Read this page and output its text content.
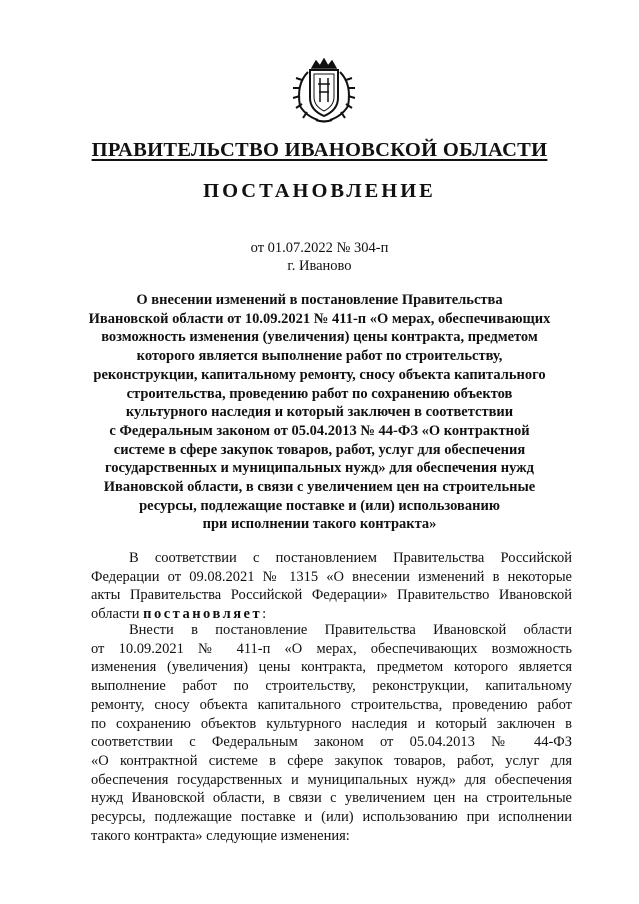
ПРАВИТЕЛЬСТВО ИВАНОВСКОЙ ОБЛАСТИ
ПОСТАНОВЛЕНИЕ
от 01.07.2022 № 304-п
г. Иваново
О внесении изменений в постановление Правительства
Ивановской области от 10.09.2021 № 411-п «О мерах, обеспечивающих
возможность изменения (увеличения) цены контракта, предметом
которого является выполнение работ по строительству,
реконструкции, капитальному ремонту, сносу объекта капитального
строительства, проведению работ по сохранению объектов
культурного наследия и который заключен в соответствии
с Федеральным законом от 05.04.2013 № 44-ФЗ «О контрактной
системе в сфере закупок товаров, работ, услуг для обеспечения
государственных и муниципальных нужд» для обеспечения нужд
Ивановской области, в связи с увеличением цен на строительные
ресурсы, подлежащие поставке и (или) использованию
при исполнении такого контракта»
В соответствии с постановлением Правительства Российской
Федерации от 09.08.2021 № 1315 «О внесении изменений в некоторые
акты Правительства Российской Федерации» Правительство Ивановской
области постановляет:
Внести в постановление Правительства Ивановской области
от 10.09.2021 № 411-п «О мерах, обеспечивающих возможность
изменения (увеличения) цены контракта, предметом которого является
выполнение работ по строительству, реконструкции, капитальному
ремонту, сносу объекта капитального строительства, проведению работ
по сохранению объектов культурного наследия и который заключен в
соответствии с Федеральным законом от 05.04.2013 № 44-ФЗ
«О контрактной системе в сфере закупок товаров, работ, услуг для
обеспечения государственных и муниципальных нужд» для обеспечения
нужд Ивановской области, в связи с увеличением цен на строительные
ресурсы, подлежащие поставке и (или) использованию при исполнении
такого контракта» следующие изменения:
